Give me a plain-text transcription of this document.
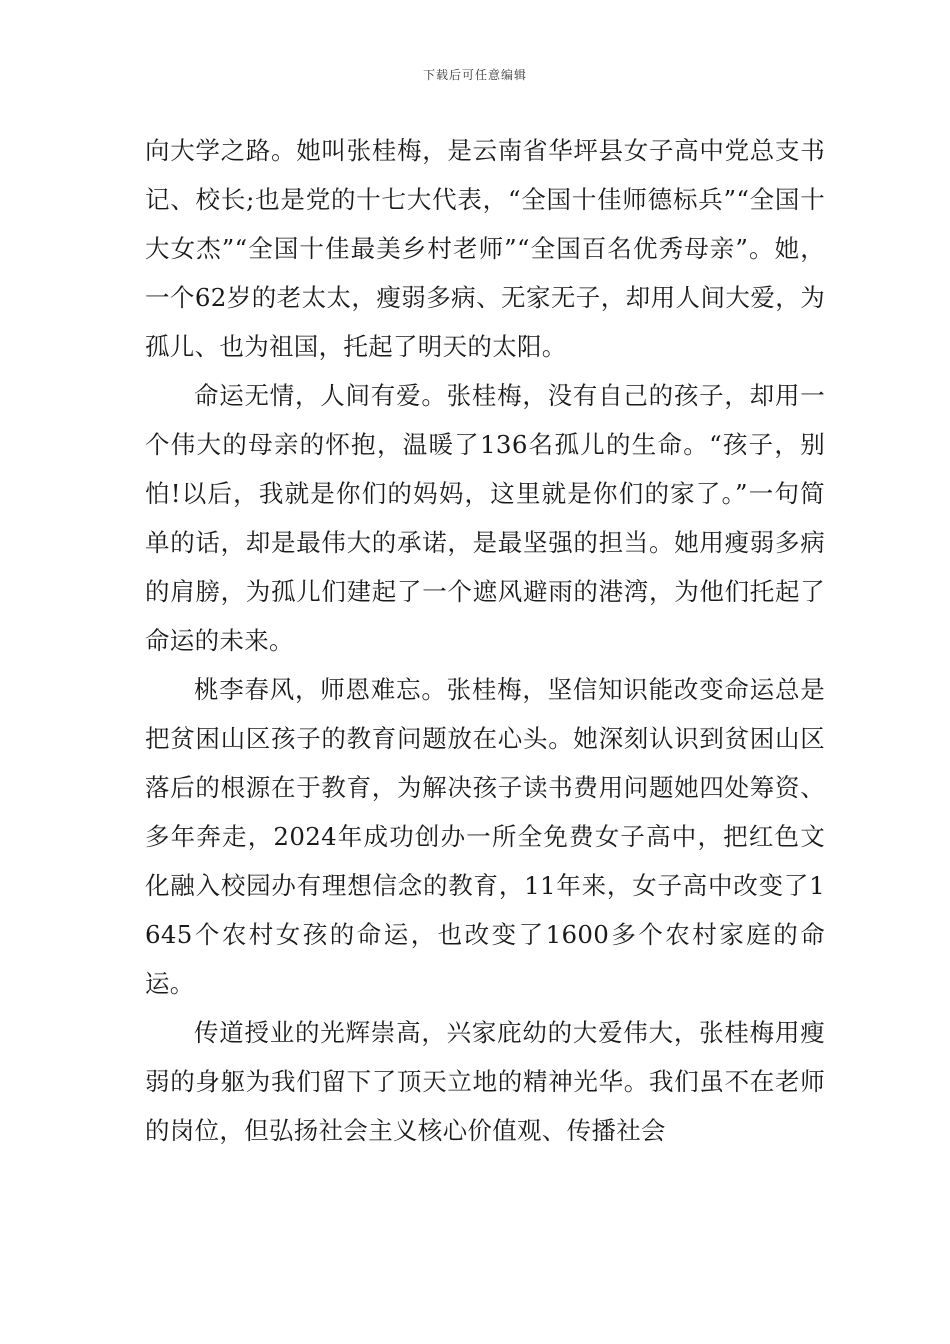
下载后可任意编辑

向大学之路。她叫张桂梅，是云南省华坪县女子高中党总支书记、校长;也是党的十七大代表，“全国十佳师德标兵”“全国十大女杰”“全国十佳最美乡村老师”“全国百名优秀母亲”。她，一个62岁的老太太，瘦弱多病、无家无子，却用人间大爱，为孤儿、也为祖国，托起了明天的太阳。

命运无情，人间有爱。张桂梅，没有自己的孩子，却用一个伟大的母亲的怀抱，温暖了136名孤儿的生命。“孩子，别怕!以后，我就是你们的妈妈，这里就是你们的家了。”一句简单的话，却是最伟大的承诺，是最坚强的担当。她用瘦弱多病的肩膀，为孤儿们建起了一个遮风避雨的港湾，为他们托起了命运的未来。

桃李春风，师恩难忘。张桂梅，坚信知识能改变命运总是把贫困山区孩子的教育问题放在心头。她深刻认识到贫困山区落后的根源在于教育，为解决孩子读书费用问题她四处筹资、多年奔走，2024年成功创办一所全免费女子高中，把红色文化融入校园办有理想信念的教育，11年来，女子高中改变了1645个农村女孩的命运，也改变了1600多个农村家庭的命运。

传道授业的光辉崇高，兴家庇幼的大爱伟大，张桂梅用瘦弱的身躯为我们留下了顶天立地的精神光华。我们虽不在老师的岗位，但弘扬社会主义核心价值观、传播社会
